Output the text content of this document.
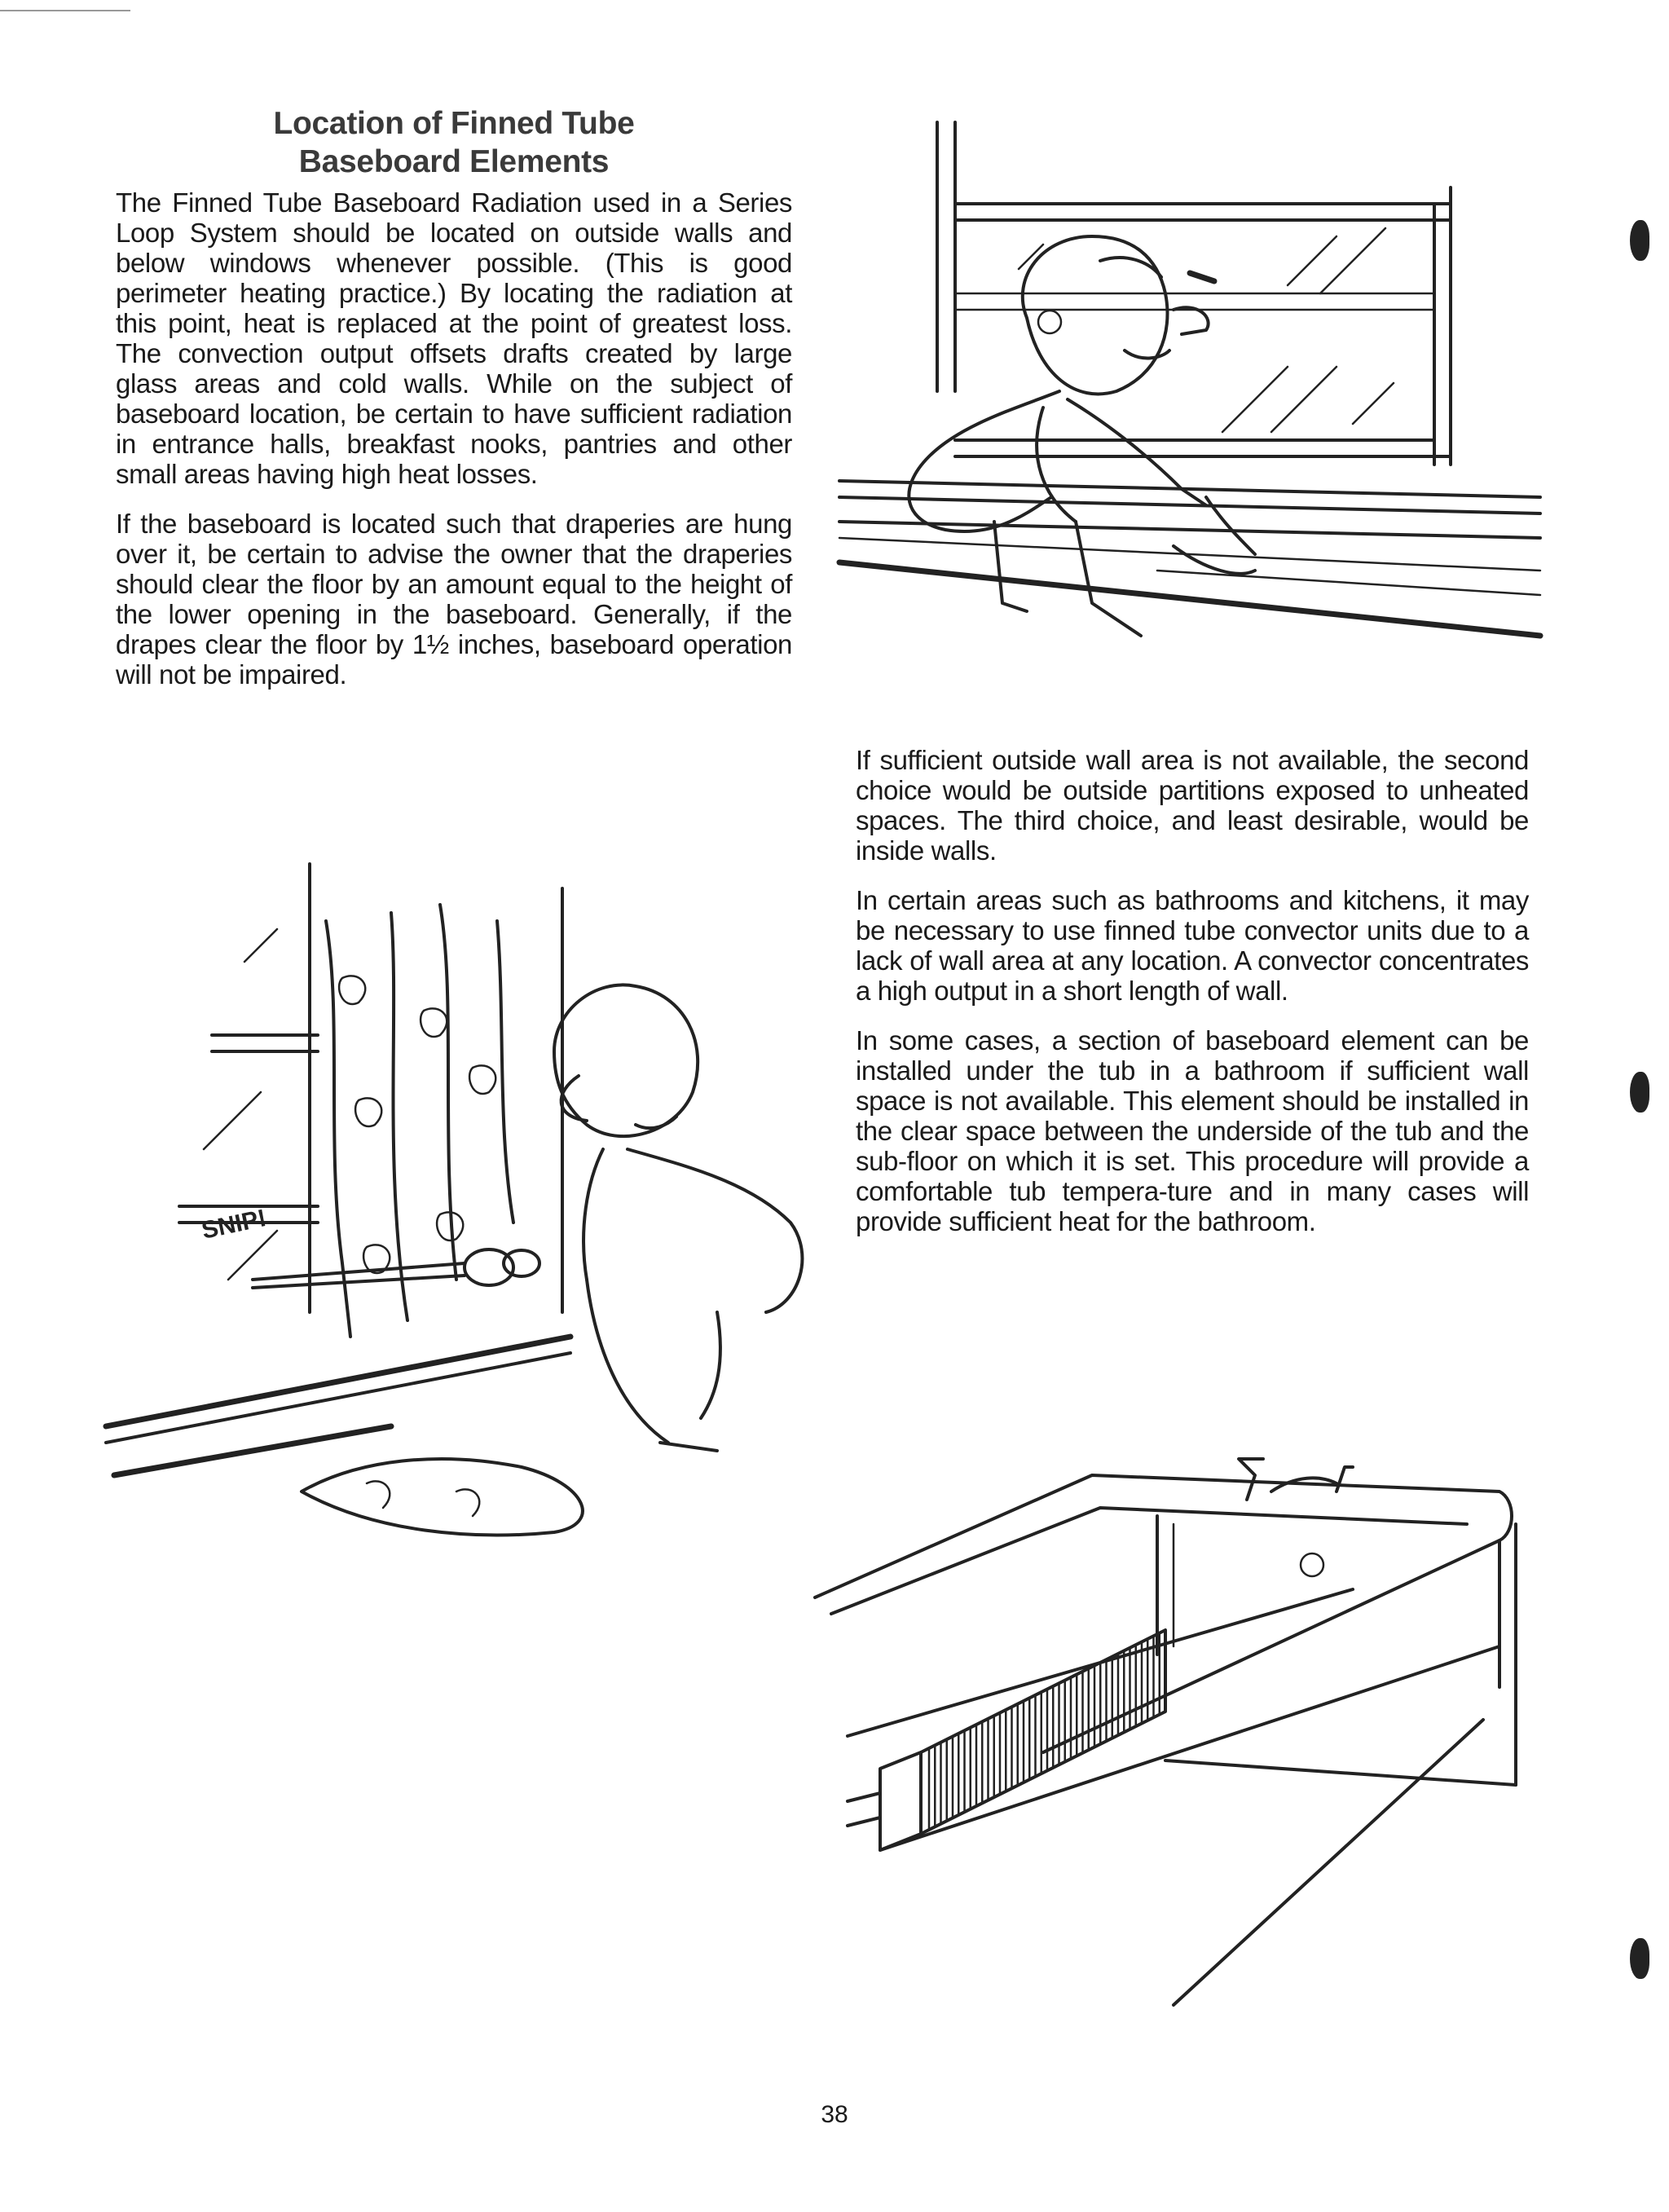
Location of Finned Tube
Baseboard Elements

The Finned Tube Baseboard Radiation used in a Series Loop System should be located on outside walls and below windows whenever possible. (This is good perimeter heating practice.) By locating the radiation at this point, heat is replaced at the point of greatest loss. The convection output offsets drafts created by large glass areas and cold walls. While on the subject of baseboard location, be certain to have sufficient radiation in entrance halls, breakfast nooks, pantries and other small areas having high heat losses.

If the baseboard is located such that draperies are hung over it, be certain to advise the owner that the draperies should clear the floor by an amount equal to the height of the lower opening in the baseboard. Generally, if the drapes clear the floor by 1½ inches, baseboard operation will not be impaired.

If sufficient outside wall area is not available, the second choice would be outside partitions exposed to unheated spaces. The third choice, and least desirable, would be inside walls.

In certain areas such as bathrooms and kitchens, it may be necessary to use finned tube convector units due to a lack of wall area at any location. A convector concentrates a high output in a short length of wall.

In some cases, a section of baseboard element can be installed under the tub in a bathroom if sufficient wall space is not available. This element should be installed in the clear space between the underside of the tub and the sub-floor on which it is set. This procedure will provide a comfortable tub tempera-ture and in many cases will provide sufficient heat for the bathroom.

SNIP!
38
